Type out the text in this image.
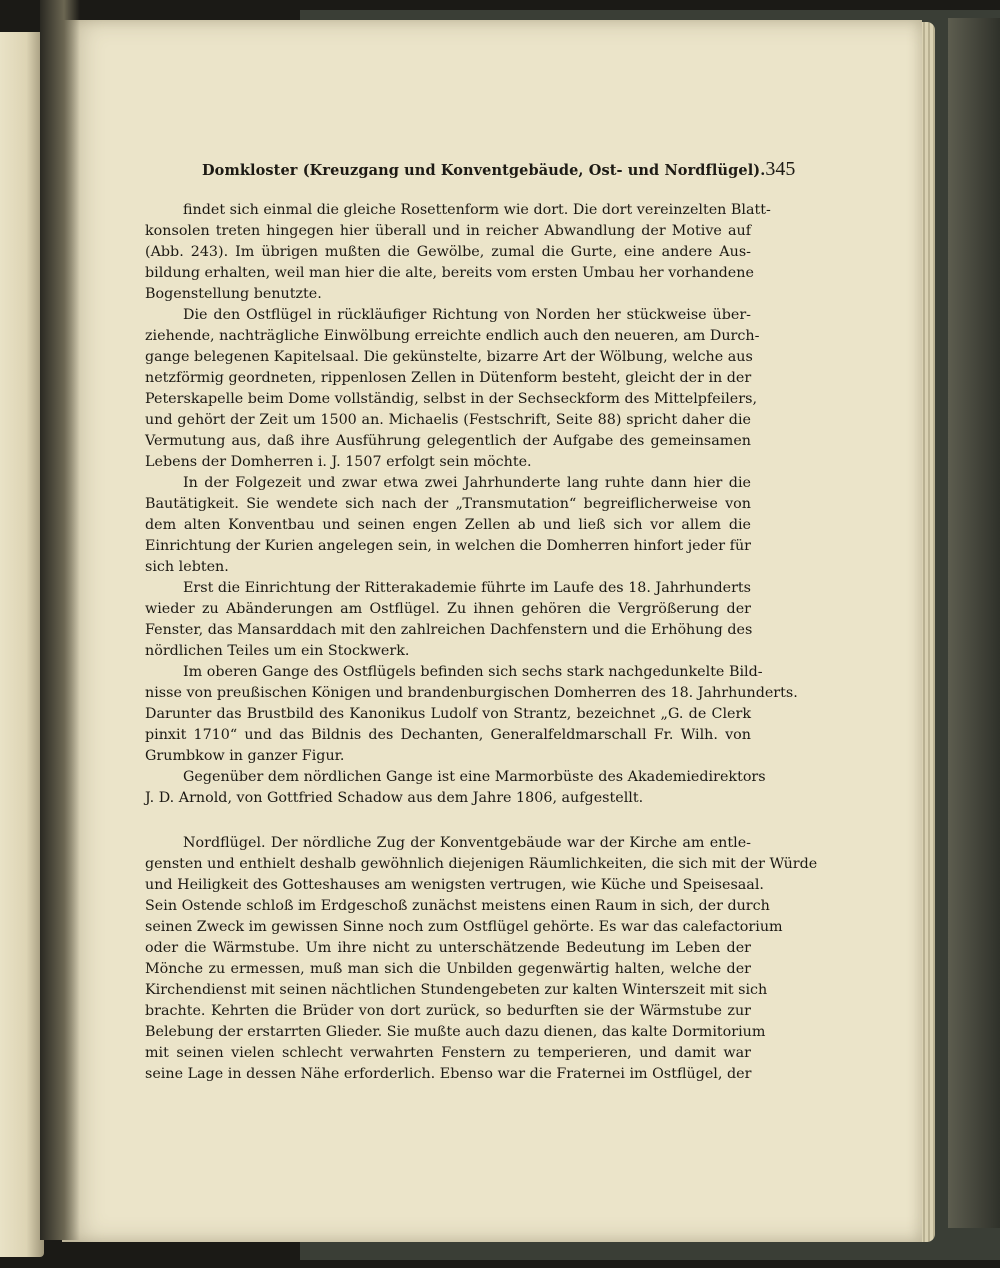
Domkloster (Kreuzgang und Konventgebäude, Ost- und Nordflügel). 345
findet sich einmal die gleiche Rosettenform wie dort. Die dort vereinzelten Blatt-
konsolen treten hingegen hier überall und in reicher Abwandlung der Motive auf
(Abb. 243). Im übrigen mußten die Gewölbe, zumal die Gurte, eine andere Aus-
bildung erhalten, weil man hier die alte, bereits vom ersten Umbau her vorhandene
Bogenstellung benutzte.
Die den Ostflügel in rückläufiger Richtung von Norden her stückweise über-
ziehende, nachträgliche Einwölbung erreichte endlich auch den neueren, am Durch-
gange belegenen Kapitelsaal. Die gekünstelte, bizarre Art der Wölbung, welche aus
netzförmig geordneten, rippenlosen Zellen in Dütenform besteht, gleicht der in der
Peterskapelle beim Dome vollständig, selbst in der Sechseckform des Mittelpfeilers,
und gehört der Zeit um 1500 an. Michaelis (Festschrift, Seite 88) spricht daher die
Vermutung aus, daß ihre Ausführung gelegentlich der Aufgabe des gemeinsamen
Lebens der Domherren i. J. 1507 erfolgt sein möchte.
In der Folgezeit und zwar etwa zwei Jahrhunderte lang ruhte dann hier die
Bautätigkeit. Sie wendete sich nach der „Transmutation“ begreiflicherweise von
dem alten Konventbau und seinen engen Zellen ab und ließ sich vor allem die
Einrichtung der Kurien angelegen sein, in welchen die Domherren hinfort jeder für
sich lebten.
Erst die Einrichtung der Ritterakademie führte im Laufe des 18. Jahrhunderts
wieder zu Abänderungen am Ostflügel. Zu ihnen gehören die Vergrößerung der
Fenster, das Mansarddach mit den zahlreichen Dachfenstern und die Erhöhung des
nördlichen Teiles um ein Stockwerk.
Im oberen Gange des Ostflügels befinden sich sechs stark nachgedunkelte Bild-
nisse von preußischen Königen und brandenburgischen Domherren des 18. Jahrhunderts.
Darunter das Brustbild des Kanonikus Ludolf von Strantz, bezeichnet „G. de Clerk
pinxit 1710“ und das Bildnis des Dechanten, Generalfeldmarschall Fr. Wilh. von
Grumbkow in ganzer Figur.
Gegenüber dem nördlichen Gange ist eine Marmorbüste des Akademiedirektors
J. D. Arnold, von Gottfried Schadow aus dem Jahre 1806, aufgestellt.
Nordflügel. Der nördliche Zug der Konventgebäude war der Kirche am entle-
gensten und enthielt deshalb gewöhnlich diejenigen Räumlichkeiten, die sich mit der Würde
und Heiligkeit des Gotteshauses am wenigsten vertrugen, wie Küche und Speisesaal.
Sein Ostende schloß im Erdgeschoß zunächst meistens einen Raum in sich, der durch
seinen Zweck im gewissen Sinne noch zum Ostflügel gehörte. Es war das calefactorium
oder die Wärmstube. Um ihre nicht zu unterschätzende Bedeutung im Leben der
Mönche zu ermessen, muß man sich die Unbilden gegenwärtig halten, welche der
Kirchendienst mit seinen nächtlichen Stundengebeten zur kalten Winterszeit mit sich
brachte. Kehrten die Brüder von dort zurück, so bedurften sie der Wärmstube zur
Belebung der erstarrten Glieder. Sie mußte auch dazu dienen, das kalte Dormitorium
mit seinen vielen schlecht verwahrten Fenstern zu temperieren, und damit war
seine Lage in dessen Nähe erforderlich. Ebenso war die Fraternei im Ostflügel, der
